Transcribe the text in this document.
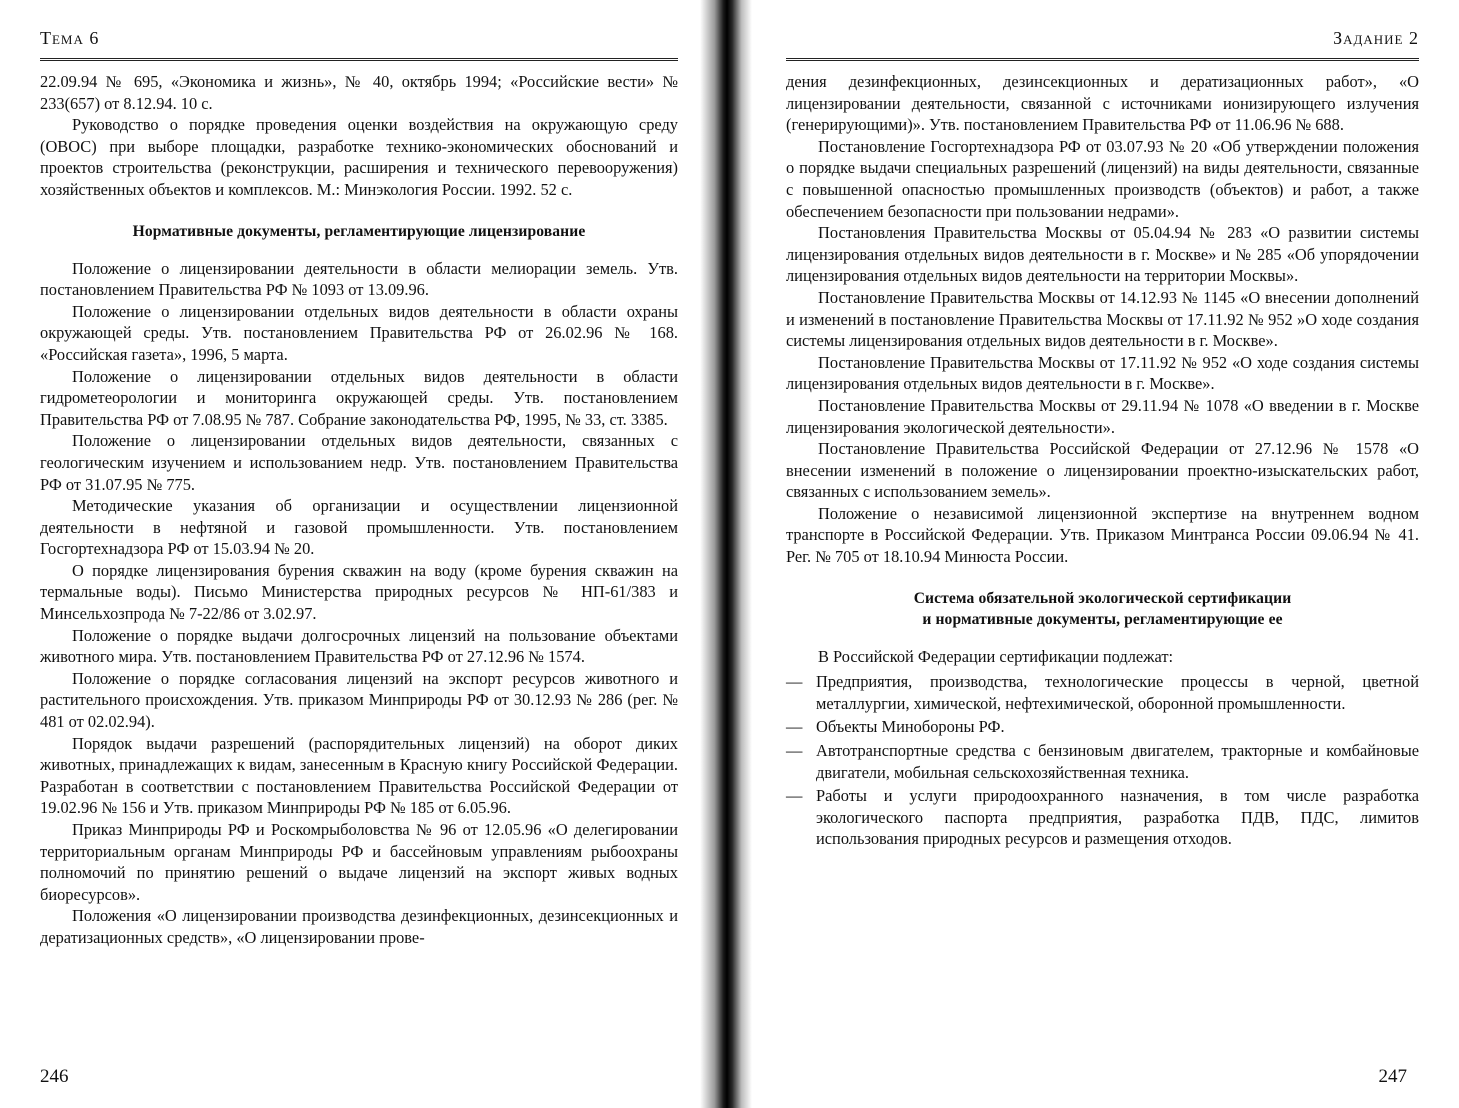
Тема 6

22.09.94 № 695, «Экономика и жизнь», № 40, октябрь 1994; «Российские вести» № 233(657) от 8.12.94. 10 с.

Руководство о порядке проведения оценки воздействия на окружающую среду (ОВОС) при выборе площадки, разработке технико-экономических обоснований и проектов строительства (реконструкции, расширения и технического перевооружения) хозяйственных объектов и комплексов. М.: Минэкология России. 1992. 52 с.

Нормативные документы, регламентирующие лицензирование

Положение о лицензировании деятельности в области мелиорации земель. Утв. постановлением Правительства РФ № 1093 от 13.09.96.

Положение о лицензировании отдельных видов деятельности в области охраны окружающей среды. Утв. постановлением Правительства РФ от 26.02.96 № 168. «Российская газета», 1996, 5 марта.

Положение о лицензировании отдельных видов деятельности в области гидрометеорологии и мониторинга окружающей среды. Утв. постановлением Правительства РФ от 7.08.95 № 787. Собрание законодательства РФ, 1995, № 33, ст. 3385.

Положение о лицензировании отдельных видов деятельности, связанных с геологическим изучением и использованием недр. Утв. постановлением Правительства РФ от 31.07.95 № 775.

Методические указания об организации и осуществлении лицензионной деятельности в нефтяной и газовой промышленности. Утв. постановлением Госгортехнадзора РФ от 15.03.94 № 20.

О порядке лицензирования бурения скважин на воду (кроме бурения скважин на термальные воды). Письмо Министерства природных ресурсов № НП-61/383 и Минсельхозпрода № 7-22/86 от 3.02.97.

Положение о порядке выдачи долгосрочных лицензий на пользование объектами животного мира. Утв. постановлением Правительства РФ от 27.12.96 № 1574.

Положение о порядке согласования лицензий на экспорт ресурсов животного и растительного происхождения. Утв. приказом Минприроды РФ от 30.12.93 № 286 (рег. № 481 от 02.02.94).

Порядок выдачи разрешений (распорядительных лицензий) на оборот диких животных, принадлежащих к видам, занесенным в Красную книгу Российской Федерации. Разработан в соответствии с постановлением Правительства Российской Федерации от 19.02.96 № 156 и Утв. приказом Минприроды РФ № 185 от 6.05.96.

Приказ Минприроды РФ и Роскомрыболовства № 96 от 12.05.96 «О делегировании территориальным органам Минприроды РФ и бассейновым управлениям рыбоохраны полномочий по принятию решений о выдаче лицензий на экспорт живых водных биоресурсов».

Положения «О лицензировании производства дезинфекционных, дезинсекционных и дератизационных средств», «О лицензировании прове-

246
Задание 2

дения дезинфекционных, дезинсекционных и дератизационных работ», «О лицензировании деятельности, связанной с источниками ионизирующего излучения (генерирующими)». Утв. постановлением Правительства РФ от 11.06.96 № 688.

Постановление Госгортехнадзора РФ от 03.07.93 № 20 «Об утверждении положения о порядке выдачи специальных разрешений (лицензий) на виды деятельности, связанные с повышенной опасностью промышленных производств (объектов) и работ, а также обеспечением безопасности при пользовании недрами».

Постановления Правительства Москвы от 05.04.94 № 283 «О развитии системы лицензирования отдельных видов деятельности в г. Москве» и № 285 «Об упорядочении лицензирования отдельных видов деятельности на территории Москвы».

Постановление Правительства Москвы от 14.12.93 № 1145 «О внесении дополнений и изменений в постановление Правительства Москвы от 17.11.92 № 952 »О ходе создания системы лицензирования отдельных видов деятельности в г. Москве».

Постановление Правительства Москвы от 17.11.92 № 952 «О ходе создания системы лицензирования отдельных видов деятельности в г. Москве».

Постановление Правительства Москвы от 29.11.94 № 1078 «О введении в г. Москве лицензирования экологической деятельности».

Постановление Правительства Российской Федерации от 27.12.96 № 1578 «О внесении изменений в положение о лицензировании проектно-изыскательских работ, связанных с использованием земель».

Положение о независимой лицензионной экспертизе на внутреннем водном транспорте в Российской Федерации. Утв. Приказом Минтранса России 09.06.94 № 41. Рег. № 705 от 18.10.94 Минюста России.

Система обязательной экологической сертификации
и нормативные документы, регламентирующие ее

В Российской Федерации сертификации подлежат:

— Предприятия, производства, технологические процессы в черной, цветной металлургии, химической, нефтехимической, оборонной промышленности.
— Объекты Минобороны РФ.
— Автотранспортные средства с бензиновым двигателем, тракторные и комбайновые двигатели, мобильная сельскохозяйственная техника.
— Работы и услуги природоохранного назначения, в том числе разработка экологического паспорта предприятия, разработка ПДВ, ПДС, лимитов использования природных ресурсов и размещения отходов.
247
